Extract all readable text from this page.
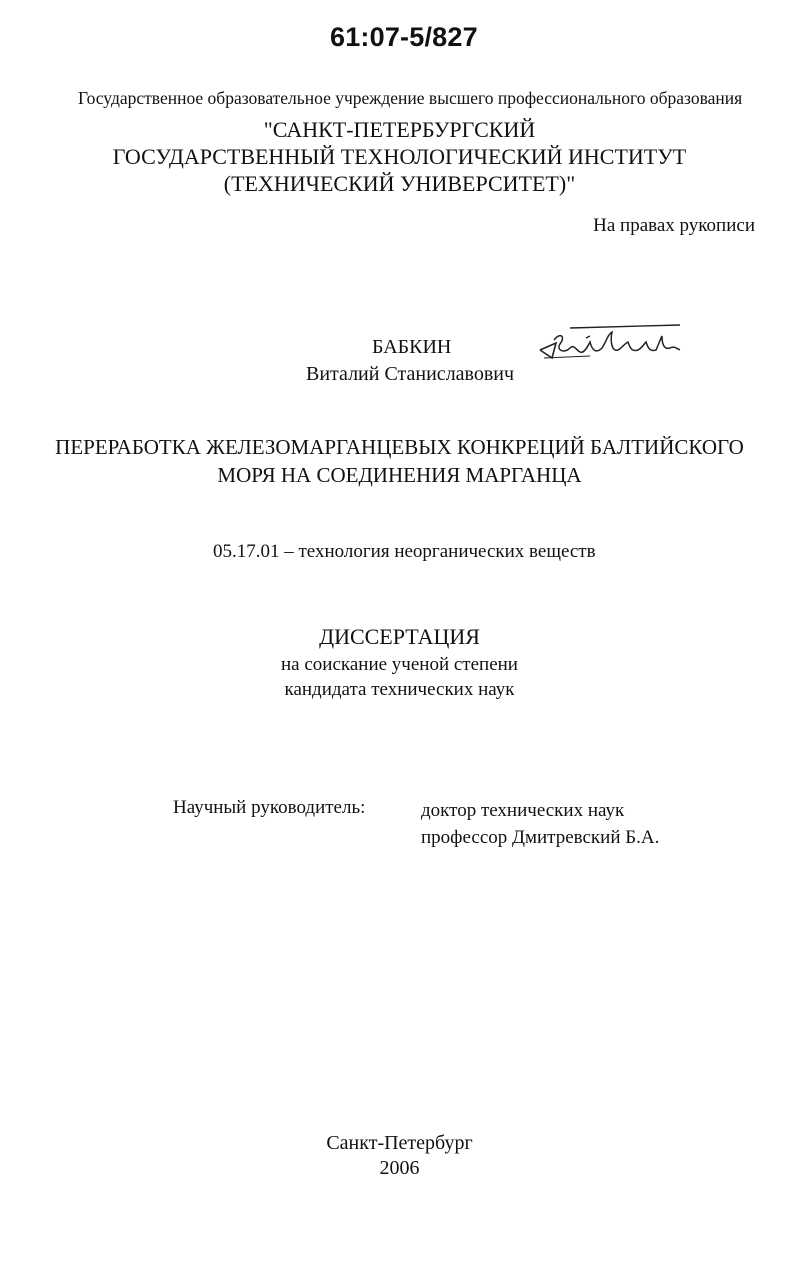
61:07-5/827
Государственное образовательное учреждение высшего профессионального образования
"САНКТ-ПЕТЕРБУРГСКИЙ
ГОСУДАРСТВЕННЫЙ ТЕХНОЛОГИЧЕСКИЙ ИНСТИТУТ
(ТЕХНИЧЕСКИЙ УНИВЕРСИТЕТ)"
На правах рукописи
БАБКИН
Виталий Станиславович
ПЕРЕРАБОТКА ЖЕЛЕЗОМАРГАНЦЕВЫХ КОНКРЕЦИЙ БАЛТИЙСКОГО
МОРЯ НА СОЕДИНЕНИЯ МАРГАНЦА
05.17.01 – технология неорганических веществ
ДИССЕРТАЦИЯ
на соискание ученой степени
кандидата технических наук
Научный руководитель:	доктор технических наук
профессор Дмитревский Б.А.
Санкт-Петербург
2006
